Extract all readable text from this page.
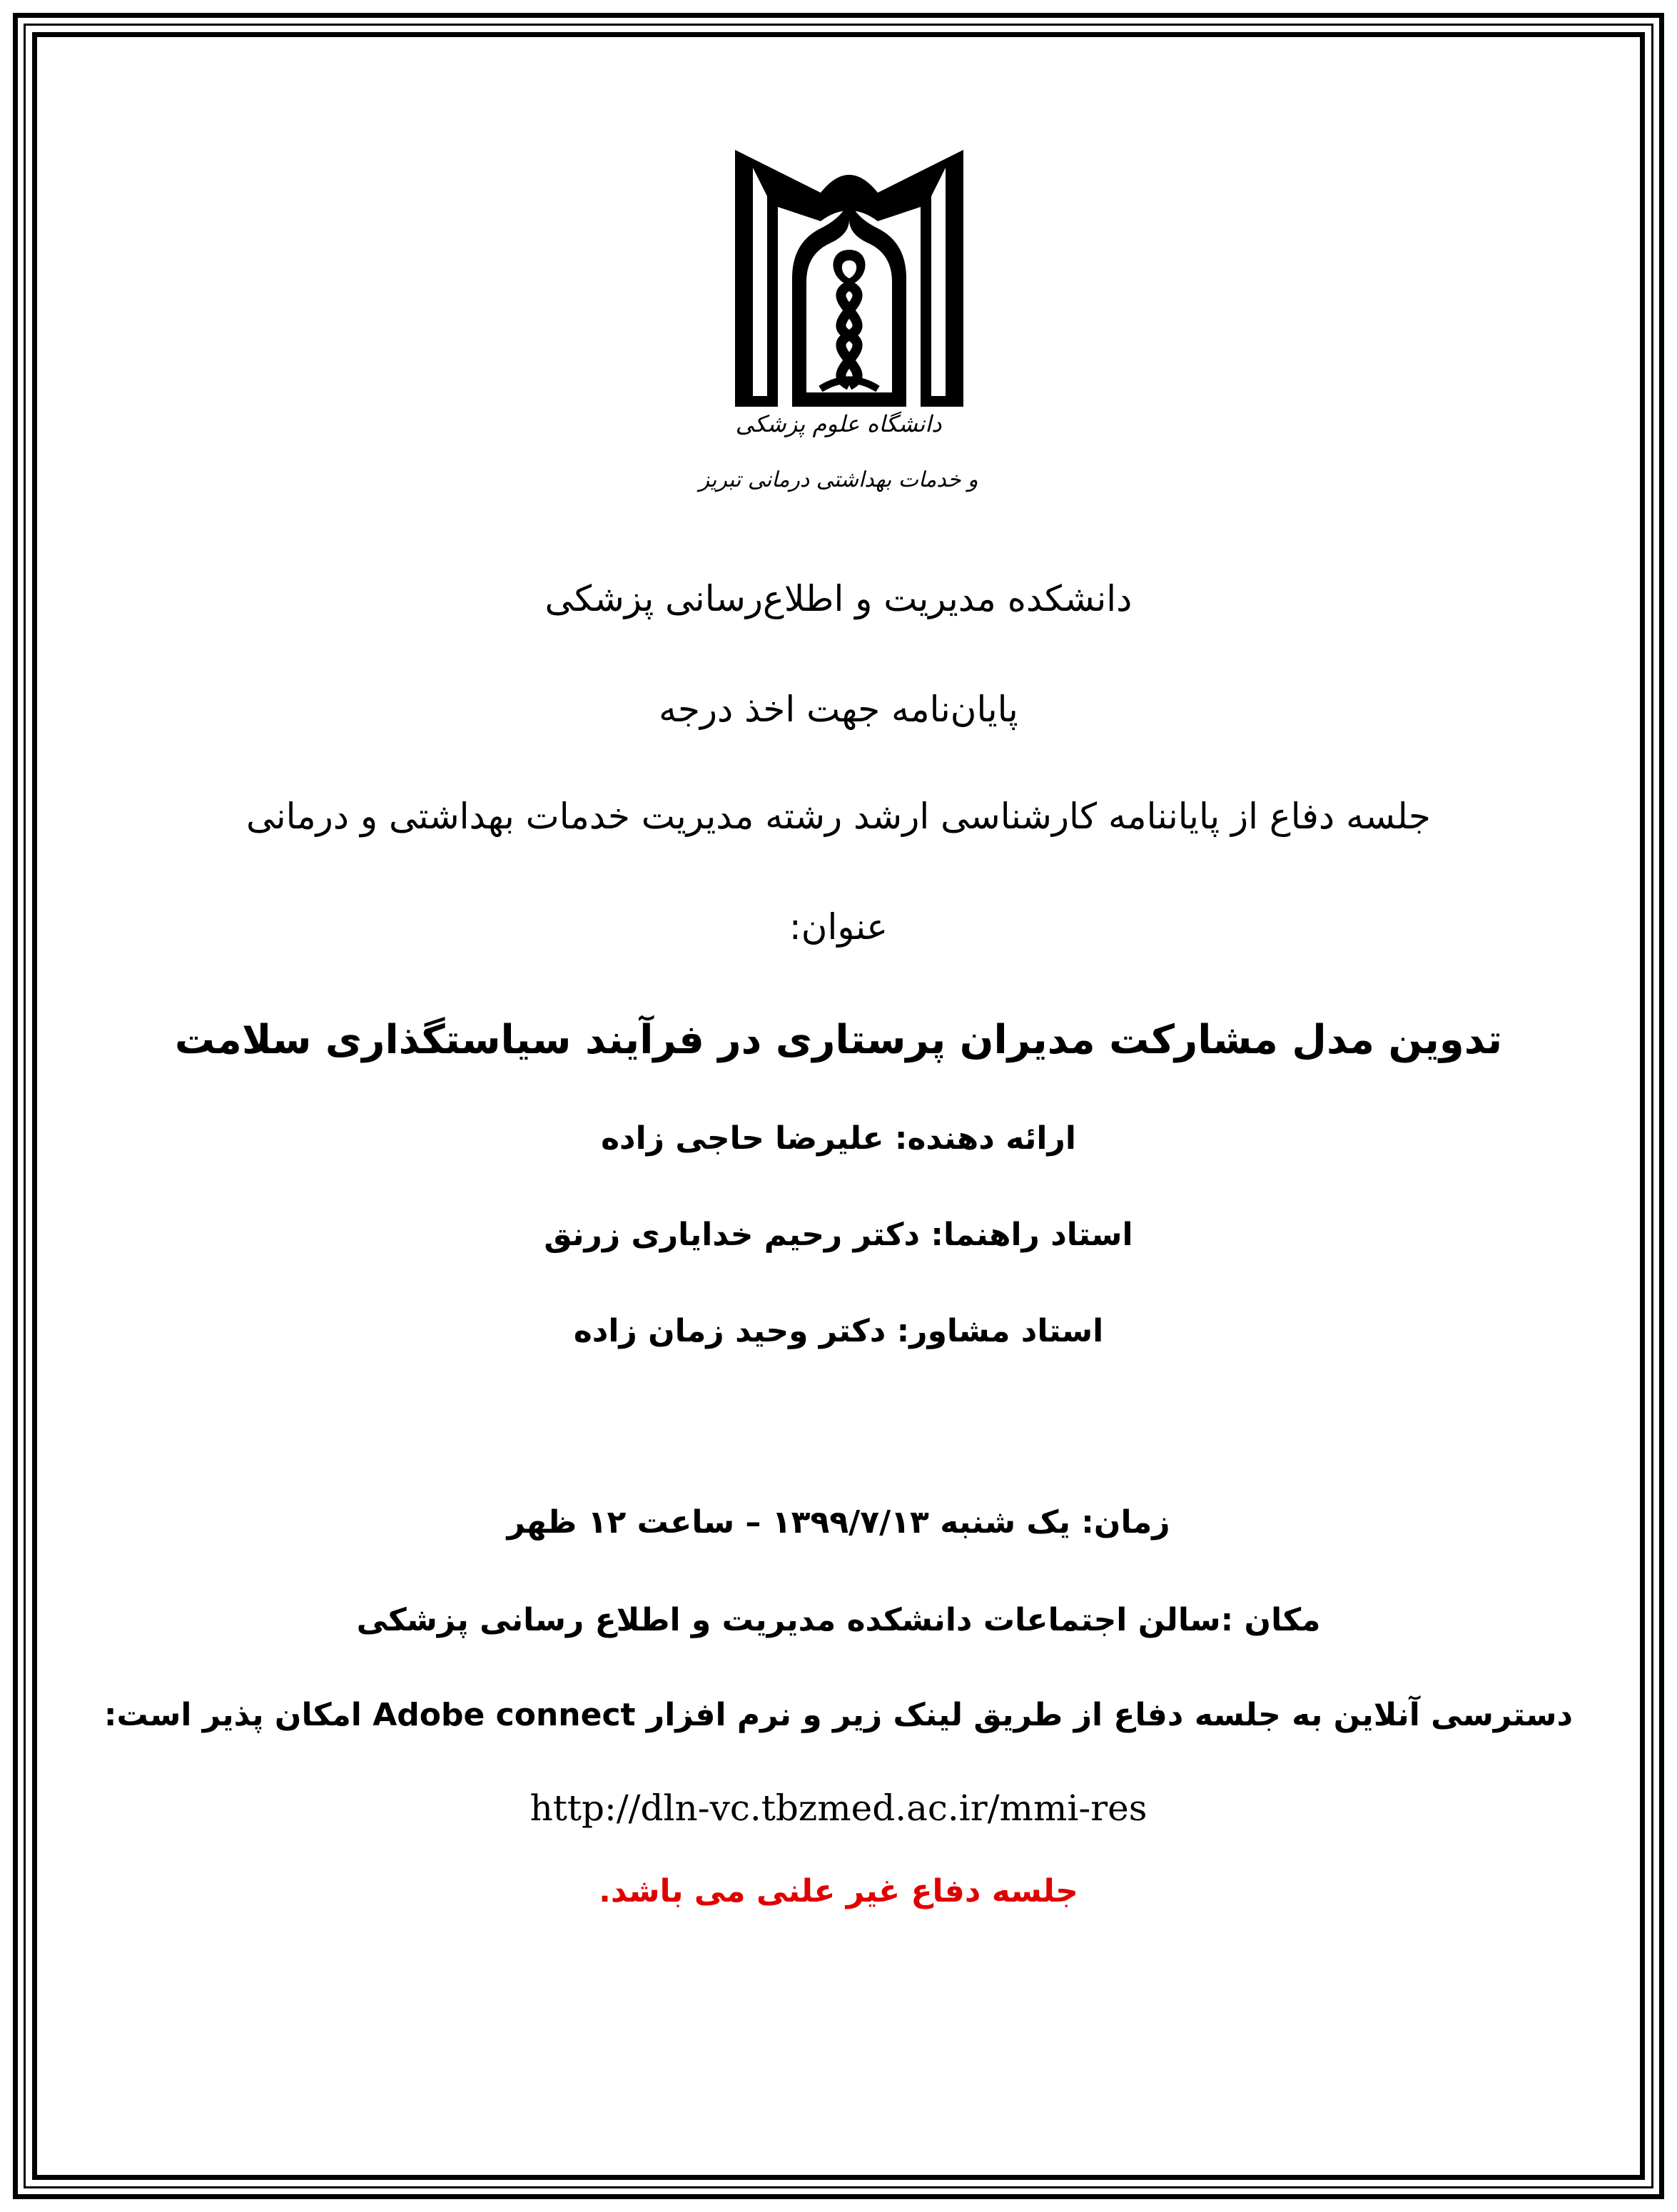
دانشگاه علوم پزشکی
و خدمات بهداشتی درمانی تبریز
دانشکده مدیریت و اطلاع‌رسانی پزشکی
پایان‌نامه جهت اخذ درجه
جلسه دفاع از پایاننامه کارشناسی ارشد رشته مدیریت خدمات بهداشتی و درمانی
عنوان:
تدوین مدل مشارکت مدیران پرستاری در فرآیند سیاستگذاری سلامت
ارائه دهنده: علیرضا حاجی زاده
استاد راهنما: دکتر رحیم خدایاری زرنق
استاد مشاور: دکتر وحید زمان زاده
زمان: یک شنبه ۱۳۹۹/۷/۱۳ – ساعت ۱۲ ظهر
مکان :سالن اجتماعات دانشکده مدیریت و اطلاع رسانی پزشکی
دسترسی آنلاین به جلسه دفاع از طریق لینک زیر و نرم افزار Adobe connect امکان پذیر است:
http://dln-vc.tbzmed.ac.ir/mmi-res
جلسه دفاع غیر علنی می باشد.
